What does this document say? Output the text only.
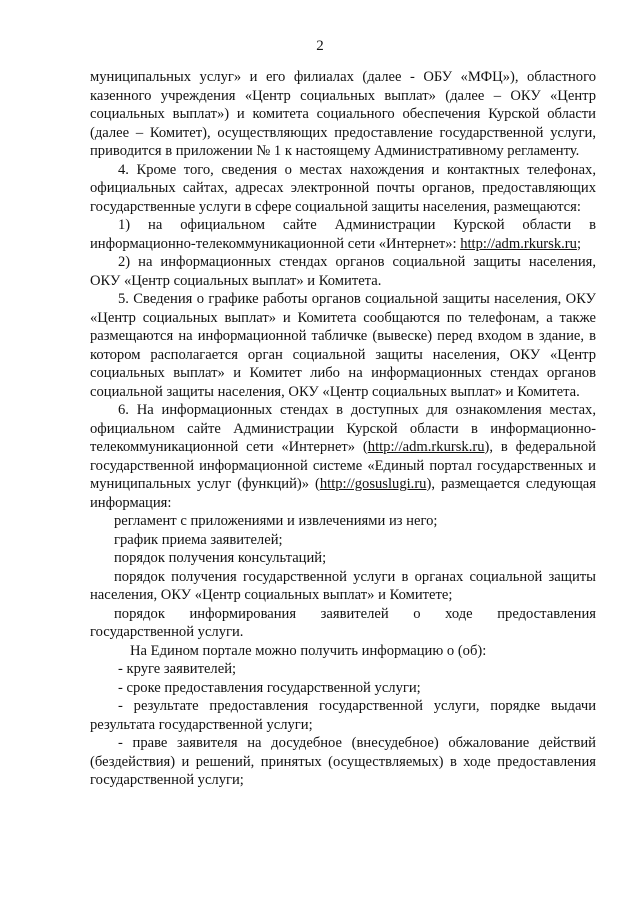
2

муниципальных услуг» и его филиалах (далее - ОБУ «МФЦ»), областного казенного учреждения «Центр социальных выплат» (далее – ОКУ «Центр социальных выплат») и комитета социального обеспечения Курской области (далее – Комитет), осуществляющих предоставление государственной услуги, приводится в приложении № 1 к настоящему Административному регламенту.

4. Кроме того, сведения о местах нахождения и контактных телефонах, официальных сайтах, адресах электронной почты органов, предоставляющих государственные услуги в сфере социальной защиты населения, размещаются:

1) на официальном сайте Администрации Курской области в информационно-телекоммуникационной сети «Интернет»: http://adm.rkursk.ru;

2) на информационных стендах органов социальной защиты населения, ОКУ «Центр социальных выплат» и Комитета.

5. Сведения о графике работы органов социальной защиты населения, ОКУ «Центр социальных выплат» и Комитета сообщаются по телефонам, а также размещаются на информационной табличке (вывеске) перед входом в здание, в котором располагается орган социальной защиты населения, ОКУ «Центр социальных выплат» и Комитет либо на информационных стендах органов социальной защиты населения, ОКУ «Центр социальных выплат» и Комитета.

6. На информационных стендах в доступных для ознакомления местах, официальном сайте Администрации Курской области в информационно-телекоммуникационной сети «Интернет» (http://adm.rkursk.ru), в федеральной государственной информационной системе «Единый портал государственных и муниципальных услуг (функций)» (http://gosuslugi.ru), размещается следующая информация:

регламент с приложениями и извлечениями из него;

график приема заявителей;

порядок получения консультаций;

порядок получения государственной услуги в органах социальной защиты населения, ОКУ «Центр социальных выплат» и Комитете;

порядок информирования заявителей о ходе предоставления государственной услуги.

На Едином портале можно получить информацию о (об):

- круге заявителей;

- сроке предоставления государственной услуги;

- результате предоставления государственной услуги, порядке выдачи результата государственной услуги;

- праве заявителя на досудебное (внесудебное) обжалование действий (бездействия) и решений, принятых (осуществляемых) в ходе предоставления государственной услуги;
